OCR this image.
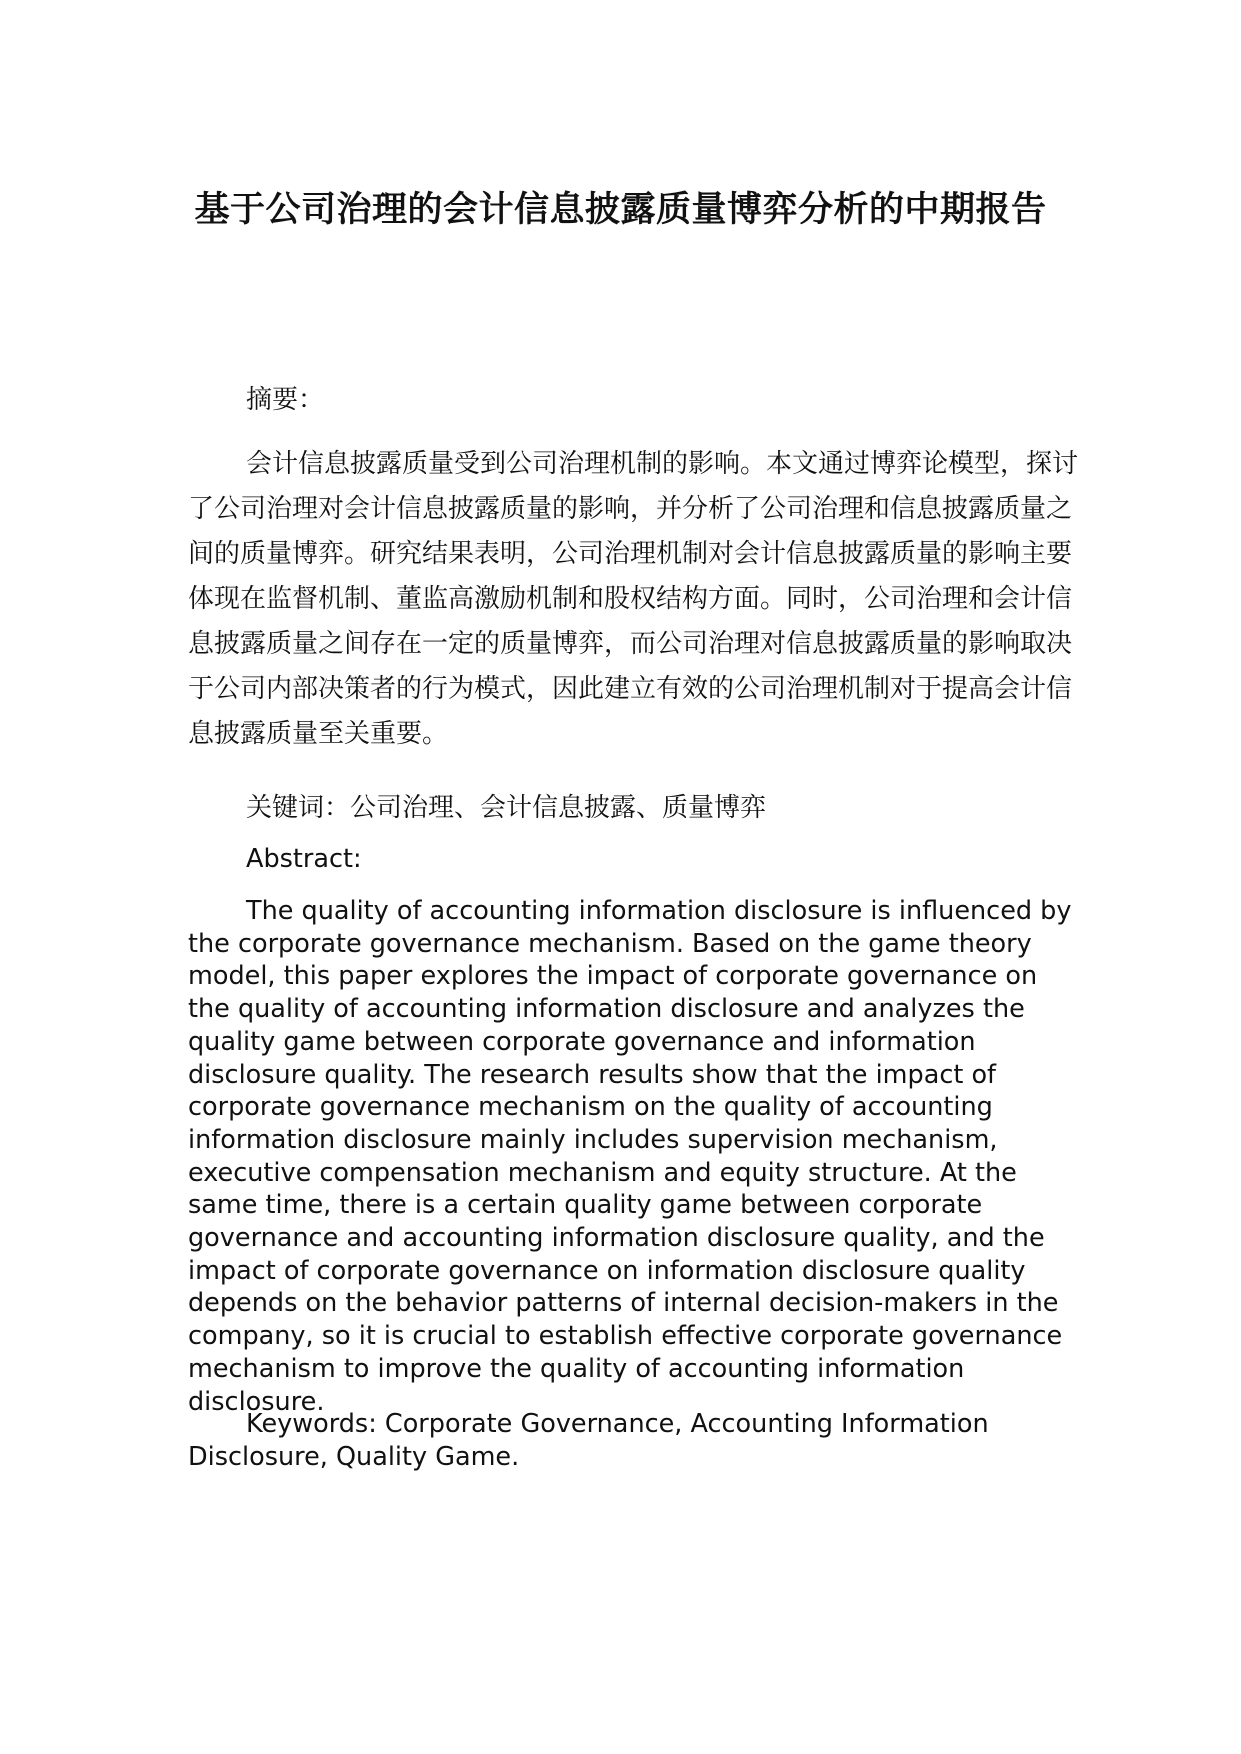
基于公司治理的会计信息披露质量博弈分析的中期报告

摘要：

会计信息披露质量受到公司治理机制的影响。本文通过博弈论模型，探讨了公司治理对会计信息披露质量的影响，并分析了公司治理和信息披露质量之间的质量博弈。研究结果表明，公司治理机制对会计信息披露质量的影响主要体现在监督机制、董监高激励机制和股权结构方面。同时，公司治理和会计信息披露质量之间存在一定的质量博弈，而公司治理对信息披露质量的影响取决于公司内部决策者的行为模式，因此建立有效的公司治理机制对于提高会计信息披露质量至关重要。

关键词：公司治理、会计信息披露、质量博弈

Abstract:

The quality of accounting information disclosure is influenced by the corporate governance mechanism. Based on the game theory model, this paper explores the impact of corporate governance on the quality of accounting information disclosure and analyzes the quality game between corporate governance and information disclosure quality. The research results show that the impact of corporate governance mechanism on the quality of accounting information disclosure mainly includes supervision mechanism, executive compensation mechanism and equity structure. At the same time, there is a certain quality game between corporate governance and accounting information disclosure quality, and the impact of corporate governance on information disclosure quality depends on the behavior patterns of internal decision-makers in the company, so it is crucial to establish effective corporate governance mechanism to improve the quality of accounting information disclosure.

Keywords: Corporate Governance, Accounting Information Disclosure, Quality Game.
